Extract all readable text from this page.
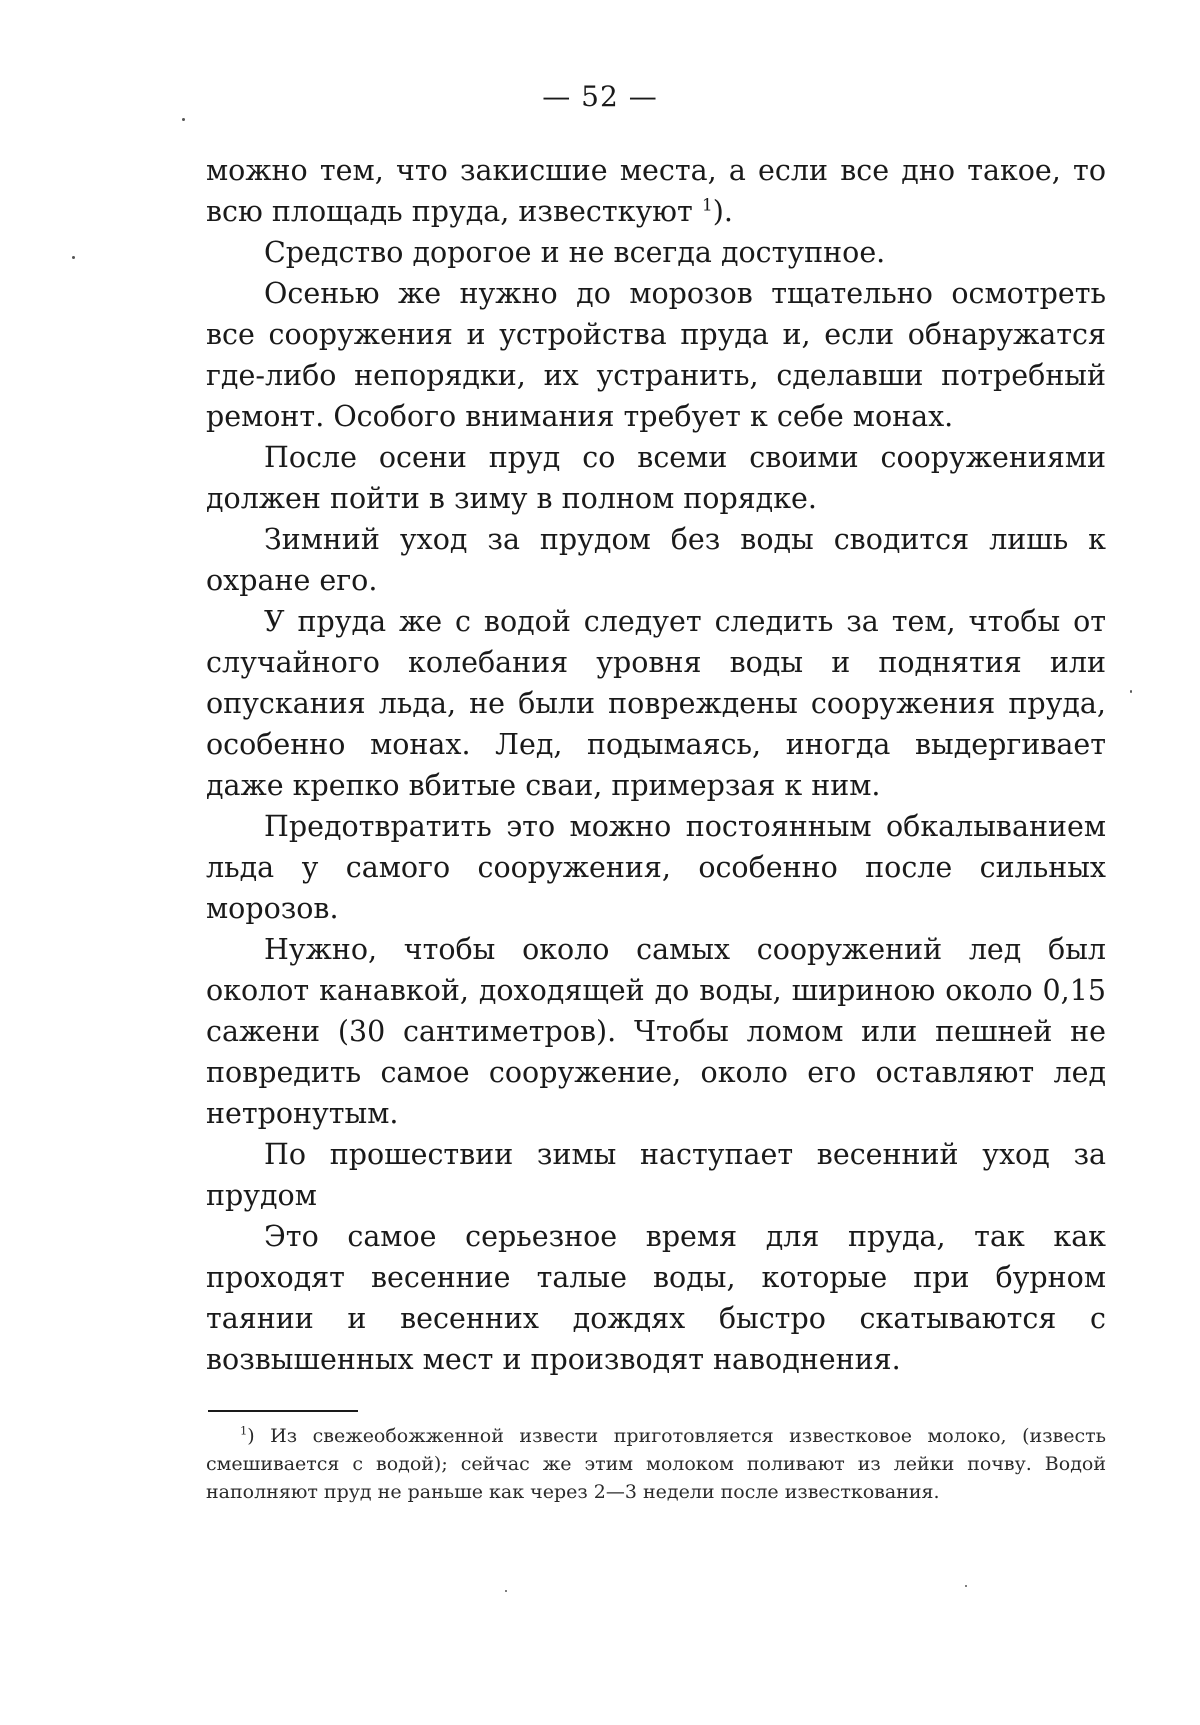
— 52 —

можно тем, что закисшие места, а если все дно такое, то всю площадь пруда, известкуют $^1$).

Средство дорогое и не всегда доступное.

Осенью же нужно до морозов тщательно осмотреть все сооружения и устройства пруда и, если обнаружатся где-либо непорядки, их устранить, сделавши потребный ремонт. Особого внимания требует к себе монах.

После осени пруд со всеми своими сооружениями должен пойти в зиму в полном порядке.

Зимний уход за прудом без воды сводится лишь к охране его.

У пруда же с водой следует следить за тем, чтобы от случайного колебания уровня воды и поднятия или опускания льда, не были повреждены сооружения пруда, особенно монах. Лед, подымаясь, иногда выдергивает даже крепко вбитые сваи, примерзая к ним.

Предотвратить это можно постоянным обкалыванием льда у самого сооружения, особенно после сильных морозов.

Нужно, чтобы около самых сооружений лед был околот канавкой, доходящей до воды, шириною около 0,15 сажени (30 сантиметров). Чтобы ломом или пешней не повредить самое сооружение, около его оставляют лед нетронутым.

По прошествии зимы наступает весенний уход за прудом

Это самое серьезное время для пруда, так как проходят весенние талые воды, которые при бурном таянии и весенних дождях быстро скатываются с возвышенных мест и производят наводнения.

$^1$) Из свежеобожженной извести приготовляется известковое молоко, (известь смешивается с водой); сейчас же этим молоком поливают из лейки почву. Водой наполняют пруд не раньше как через 2—3 недели после известкования.
